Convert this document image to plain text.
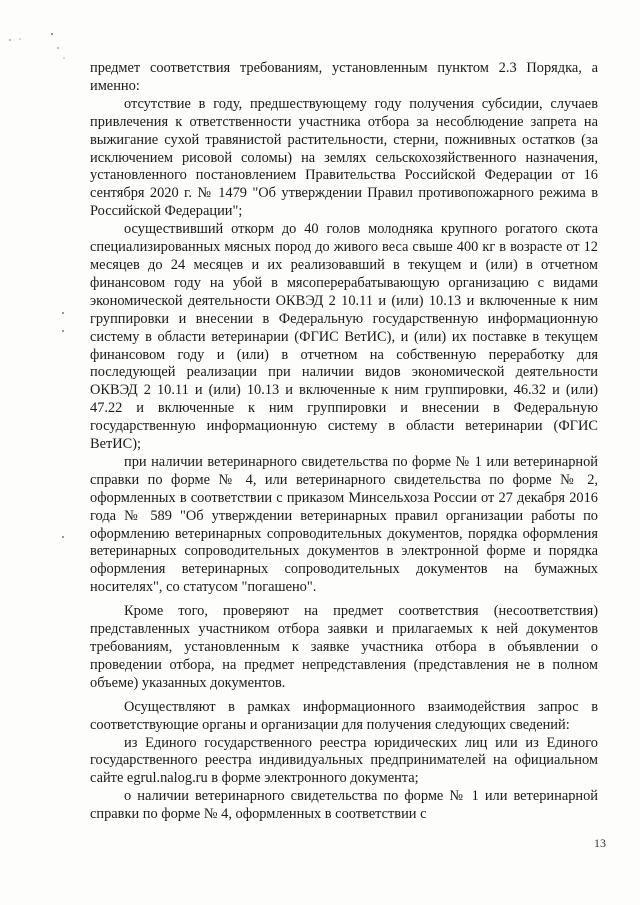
предмет соответствия требованиям, установленным пунктом 2.3 Порядка, а именно:

отсутствие в году, предшествующему году получения субсидии, случаев привлечения к ответственности участника отбора за несоблюдение запрета на выжигание сухой травянистой растительности, стерни, пожнивных остатков (за исключением рисовой соломы) на землях сельскохозяйственного назначения, установленного постановлением Правительства Российской Федерации от 16 сентября 2020 г. № 1479 "Об утверждении Правил противопожарного режима в Российской Федерации";

осуществивший откорм до 40 голов молодняка крупного рогатого скота специализированных мясных пород до живого веса свыше 400 кг в возрасте от 12 месяцев до 24 месяцев и их реализовавший в текущем и (или) в отчетном финансовом году на убой в мясоперерабатывающую организацию с видами экономической деятельности ОКВЭД 2 10.11 и (или) 10.13 и включенные к ним группировки и внесении в Федеральную государственную информационную систему в области ветеринарии (ФГИС ВетИС), и (или) их поставке в текущем финансовом году и (или) в отчетном на собственную переработку для последующей реализации при наличии видов экономической деятельности ОКВЭД 2 10.11 и (или) 10.13 и включенные к ним группировки, 46.32 и (или) 47.22 и включенные к ним группировки и внесении в Федеральную государственную информационную систему в области ветеринарии (ФГИС ВетИС);

при наличии ветеринарного свидетельства по форме № 1 или ветеринарной справки по форме № 4, или ветеринарного свидетельства по форме № 2, оформленных в соответствии с приказом Минсельхоза России от 27 декабря 2016 года № 589 "Об утверждении ветеринарных правил организации работы по оформлению ветеринарных сопроводительных документов, порядка оформления ветеринарных сопроводительных документов в электронной форме и порядка оформления ветеринарных сопроводительных документов на бумажных носителях", со статусом "погашено".

Кроме того, проверяют на предмет соответствия (несоответствия) представленных участником отбора заявки и прилагаемых к ней документов требованиям, установленным к заявке участника отбора в объявлении о проведении отбора, на предмет непредставления (представления не в полном объеме) указанных документов.

Осуществляют в рамках информационного взаимодействия запрос в соответствующие органы и организации для получения следующих сведений:

из Единого государственного реестра юридических лиц или из Единого государственного реестра индивидуальных предпринимателей на официальном сайте egrul.nalog.ru в форме электронного документа;

о наличии ветеринарного свидетельства по форме № 1 или ветеринарной справки по форме № 4, оформленных в соответствии с

13
